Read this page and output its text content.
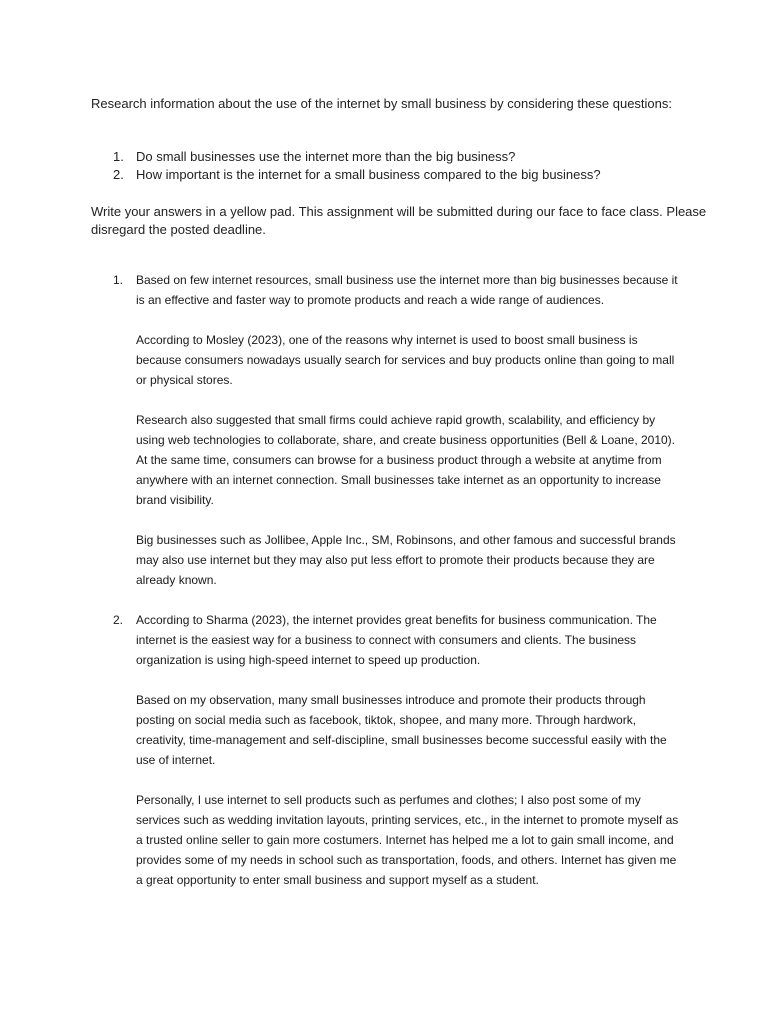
Research information about the use of the internet by small business by considering these questions:

1. Do small businesses use the internet more than the big business?
2. How important is the internet for a small business compared to the big business?

Write your answers in a yellow pad. This assignment will be submitted during our face to face class. Please disregard the posted deadline.

1. Based on few internet resources, small business use the internet more than big businesses because it is an effective and faster way to promote products and reach a wide range of audiences.

According to Mosley (2023), one of the reasons why internet is used to boost small business is because consumers nowadays usually search for services and buy products online than going to mall or physical stores.

Research also suggested that small firms could achieve rapid growth, scalability, and efficiency by using web technologies to collaborate, share, and create business opportunities (Bell & Loane, 2010). At the same time, consumers can browse for a business product through a website at anytime from anywhere with an internet connection. Small businesses take internet as an opportunity to increase brand visibility.

Big businesses such as Jollibee, Apple Inc., SM, Robinsons, and other famous and successful brands may also use internet but they may also put less effort to promote their products because they are already known.

2. According to Sharma (2023), the internet provides great benefits for business communication. The internet is the easiest way for a business to connect with consumers and clients. The business organization is using high-speed internet to speed up production.

Based on my observation, many small businesses introduce and promote their products through posting on social media such as facebook, tiktok, shopee, and many more. Through hardwork, creativity, time-management and self-discipline, small businesses become successful easily with the use of internet.

Personally, I use internet to sell products such as perfumes and clothes; I also post some of my services such as wedding invitation layouts, printing services, etc., in the internet to promote myself as a trusted online seller to gain more costumers. Internet has helped me a lot to gain small income, and provides some of my needs in school such as transportation, foods, and others. Internet has given me a great opportunity to enter small business and support myself as a student.
